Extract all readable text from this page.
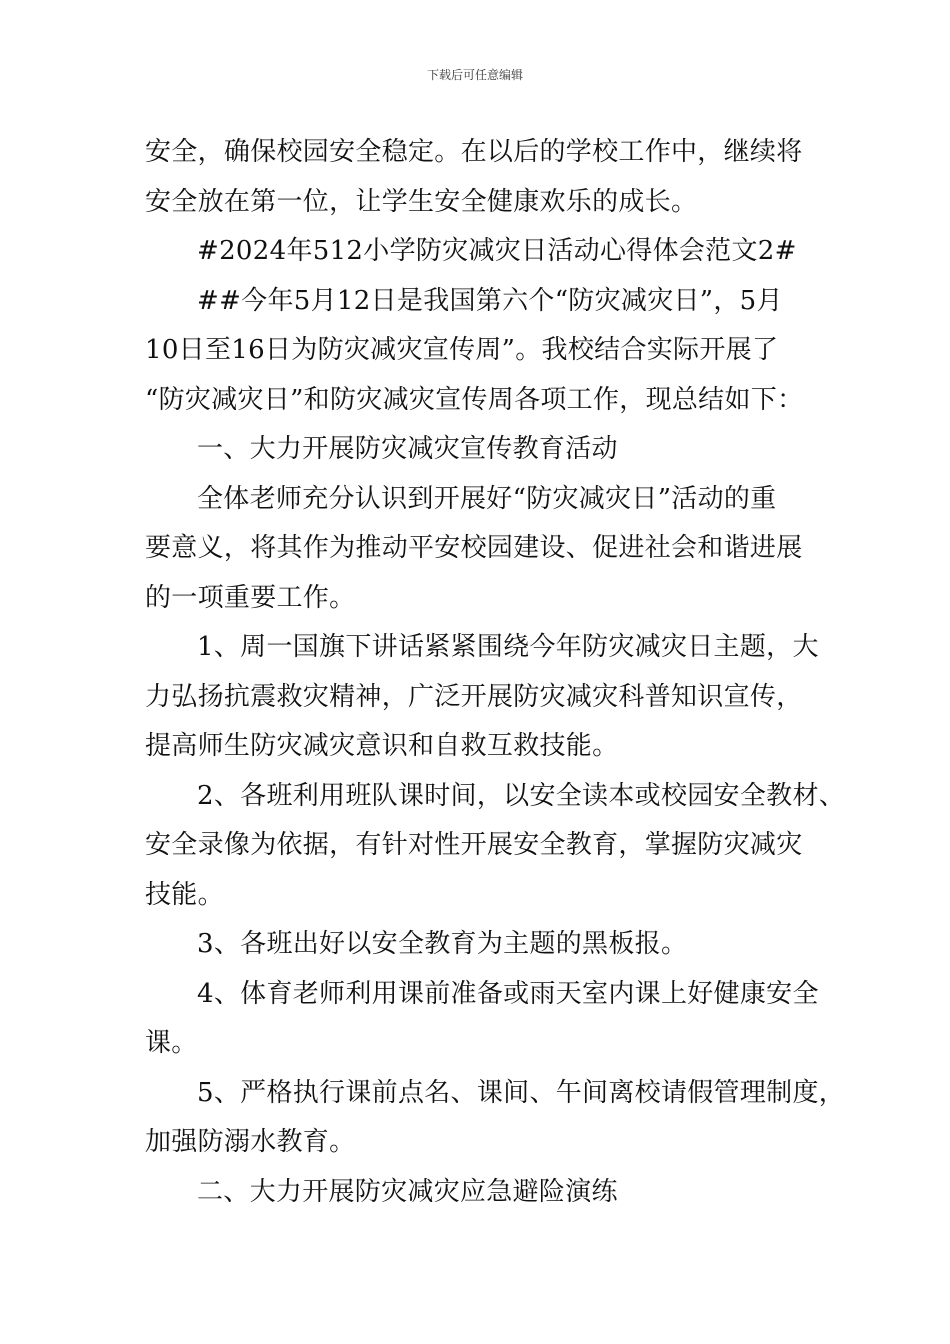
下载后可任意编辑
安全，确保校园安全稳定。在以后的学校工作中，继续将
安全放在第一位，让学生安全健康欢乐的成长。
#2024年512小学防灾减灾日活动心得体会范文2#
##今年5月12日是我国第六个“防灾减灾日”，5月
10日至16日为防灾减灾宣传周”。我校结合实际开展了
“防灾减灾日”和防灾减灾宣传周各项工作，现总结如下：
一、大力开展防灾减灾宣传教育活动
全体老师充分认识到开展好“防灾减灾日”活动的重
要意义，将其作为推动平安校园建设、促进社会和谐进展
的一项重要工作。
1、周一国旗下讲话紧紧围绕今年防灾减灾日主题，大
力弘扬抗震救灾精神，广泛开展防灾减灾科普知识宣传，
提高师生防灾减灾意识和自救互救技能。
2、各班利用班队课时间，以安全读本或校园安全教材、
安全录像为依据，有针对性开展安全教育，掌握防灾减灾
技能。
3、各班出好以安全教育为主题的黑板报。
4、体育老师利用课前准备或雨天室内课上好健康安全
课。
5、严格执行课前点名、课间、午间离校请假管理制度，
加强防溺水教育。
二、大力开展防灾减灾应急避险演练
